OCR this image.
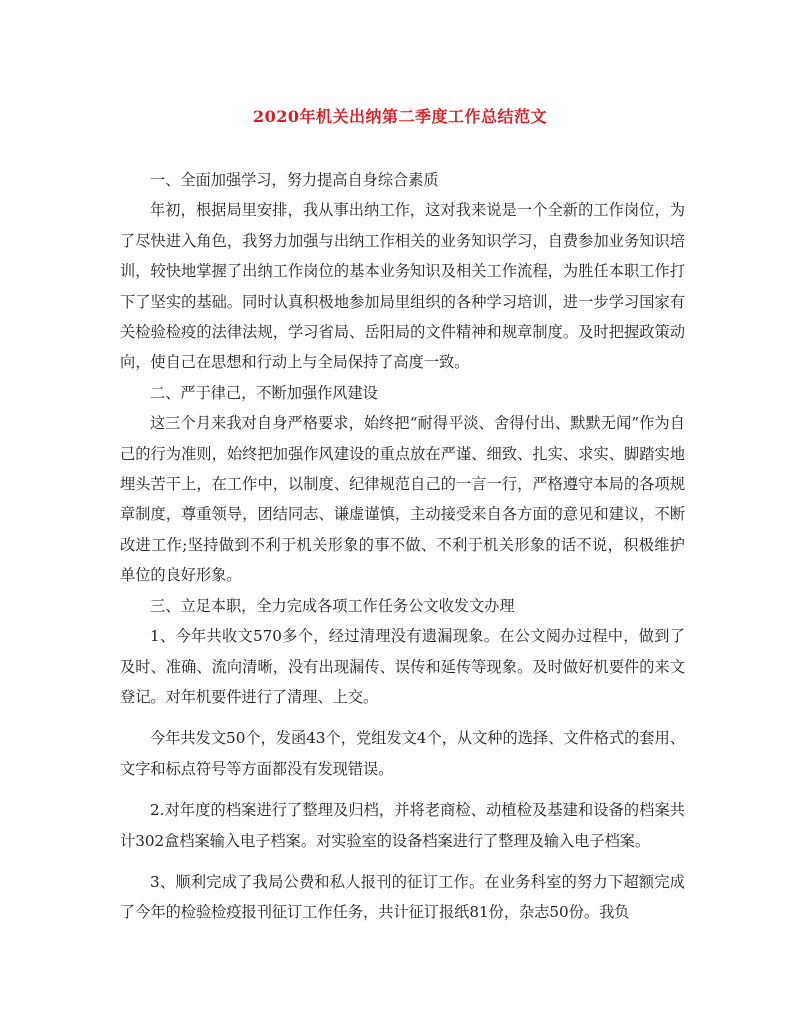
2020年机关出纳第二季度工作总结范文

一、全面加强学习，努力提高自身综合素质

年初，根据局里安排，我从事出纳工作，这对我来说是一个全新的工作岗位，为了尽快进入角色，我努力加强与出纳工作相关的业务知识学习，自费参加业务知识培训，较快地掌握了出纳工作岗位的基本业务知识及相关工作流程，为胜任本职工作打下了坚实的基础。同时认真积极地参加局里组织的各种学习培训，进一步学习国家有关检验检疫的法律法规，学习省局、岳阳局的文件精神和规章制度。及时把握政策动向，使自己在思想和行动上与全局保持了高度一致。

二、严于律己，不断加强作风建设

这三个月来我对自身严格要求，始终把“耐得平淡、舍得付出、默默无闻”作为自己的行为准则，始终把加强作风建设的重点放在严谨、细致、扎实、求实、脚踏实地埋头苦干上，在工作中，以制度、纪律规范自己的一言一行，严格遵守本局的各项规章制度，尊重领导，团结同志、谦虚谨慎，主动接受来自各方面的意见和建议，不断改进工作;坚持做到不利于机关形象的事不做、不利于机关形象的话不说，积极维护单位的良好形象。

三、立足本职，全力完成各项工作任务公文收发文办理

1、今年共收文570多个，经过清理没有遗漏现象。在公文阅办过程中，做到了及时、准确、流向清晰，没有出现漏传、误传和延传等现象。及时做好机要件的来文登记。对年机要件进行了清理、上交。

今年共发文50个，发函43个，党组发文4个，从文种的选择、文件格式的套用、文字和标点符号等方面都没有发现错误。

2.对年度的档案进行了整理及归档，并将老商检、动植检及基建和设备的档案共计302盒档案输入电子档案。对实验室的设备档案进行了整理及输入电子档案。

3、顺利完成了我局公费和私人报刊的征订工作。在业务科室的努力下超额完成了今年的检验检疫报刊征订工作任务，共计征订报纸81份，杂志50份。我负
